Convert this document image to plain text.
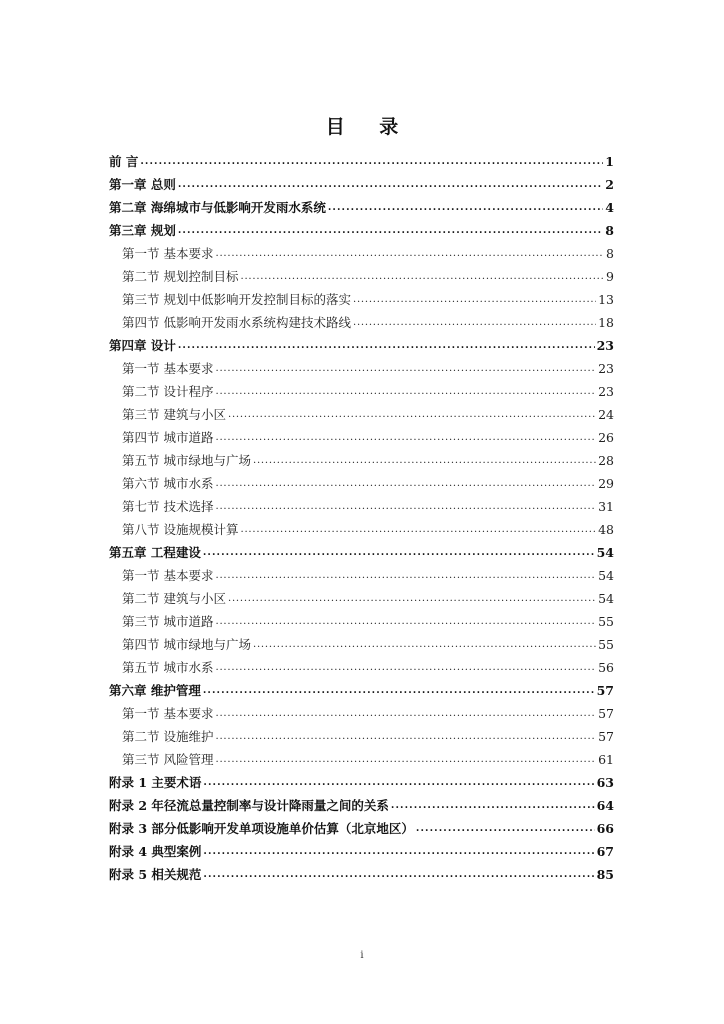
目 录
前 言 . . .	1
第一章 总则 . . .	2
第二章 海绵城市与低影响开发雨水系统 . . .	4
第三章 规划 . . .	8
第一节 基本要求 . . .	8
第二节 规划控制目标 . . .	9
第三节 规划中低影响开发控制目标的落实 . . .	13
第四节 低影响开发雨水系统构建技术路线 . . .	18
第四章 设计 . . .	23
第一节 基本要求 . . .	23
第二节 设计程序 . . .	23
第三节 建筑与小区 . . .	24
第四节 城市道路 . . .	26
第五节 城市绿地与广场 . . .	28
第六节 城市水系 . . .	29
第七节 技术选择 . . .	31
第八节 设施规模计算 . . .	48
第五章 工程建设 . . .	54
第一节 基本要求 . . .	54
第二节 建筑与小区 . . .	54
第三节 城市道路 . . .	55
第四节 城市绿地与广场 . . .	55
第五节 城市水系 . . .	56
第六章 维护管理 . . .	57
第一节 基本要求 . . .	57
第二节 设施维护 . . .	57
第三节 风险管理 . . .	61
附录 1 主要术语 . . .	63
附录 2 年径流总量控制率与设计降雨量之间的关系 . . .	64
附录 3 部分低影响开发单项设施单价估算（北京地区） . . .	66
附录 4 典型案例 . . .	67
附录 5 相关规范 . . .	85
i
